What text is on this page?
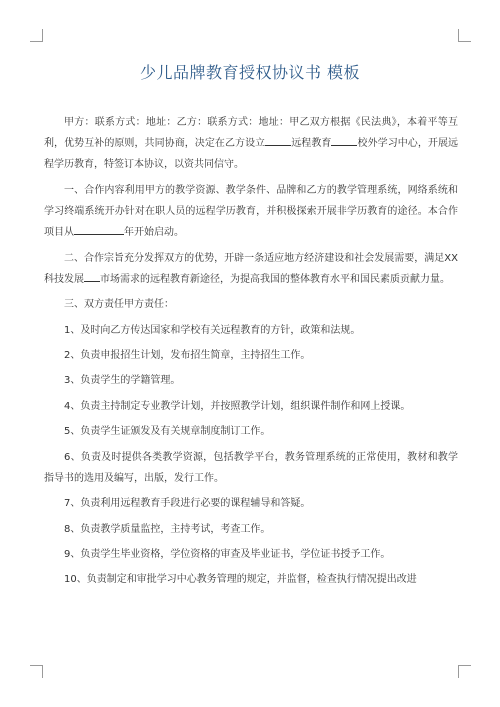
少儿品牌教育授权协议书 模板

甲方：联系方式：地址：乙方：联系方式：地址：甲乙双方根据《民法典》，本着平等互利，优势互补的原则，共同协商，决定在乙方设立	远程教育	校外学习中心，开展远程学历教育，特签订本协议，以资共同信守。

一、合作内容利用甲方的教学资源、教学条件、品牌和乙方的教学管理系统，网络系统和学习终端系统开办针对在职人员的远程学历教育，并积极探索开展非学历教育的途径。本合作项目从	年开始启动。

二、合作宗旨充分发挥双方的优势，开辟一条适应地方经济建设和社会发展需要，满足XX科技发展 市场需求的远程教育新途径，为提高我国的整体教育水平和国民素质贡献力量。

三、双方责任甲方责任：

1、及时向乙方传达国家和学校有关远程教育的方针，政策和法规。

2、负责申报招生计划，发布招生简章，主持招生工作。

3、负责学生的学籍管理。

4、负责主持制定专业教学计划，并按照教学计划，组织课件制作和网上授课。

5、负责学生证颁发及有关规章制度制订工作。

6、负责及时提供各类教学资源，包括教学平台，教务管理系统的正常使用，教材和教学指导书的选用及编写，出版，发行工作。

7、负责利用远程教育手段进行必要的课程辅导和答疑。

8、负责教学质量监控，主持考试，考查工作。

9、负责学生毕业资格，学位资格的审查及毕业证书，学位证书授予工作。

10、负责制定和审批学习中心教务管理的规定，并监督，检查执行情况提出改进
